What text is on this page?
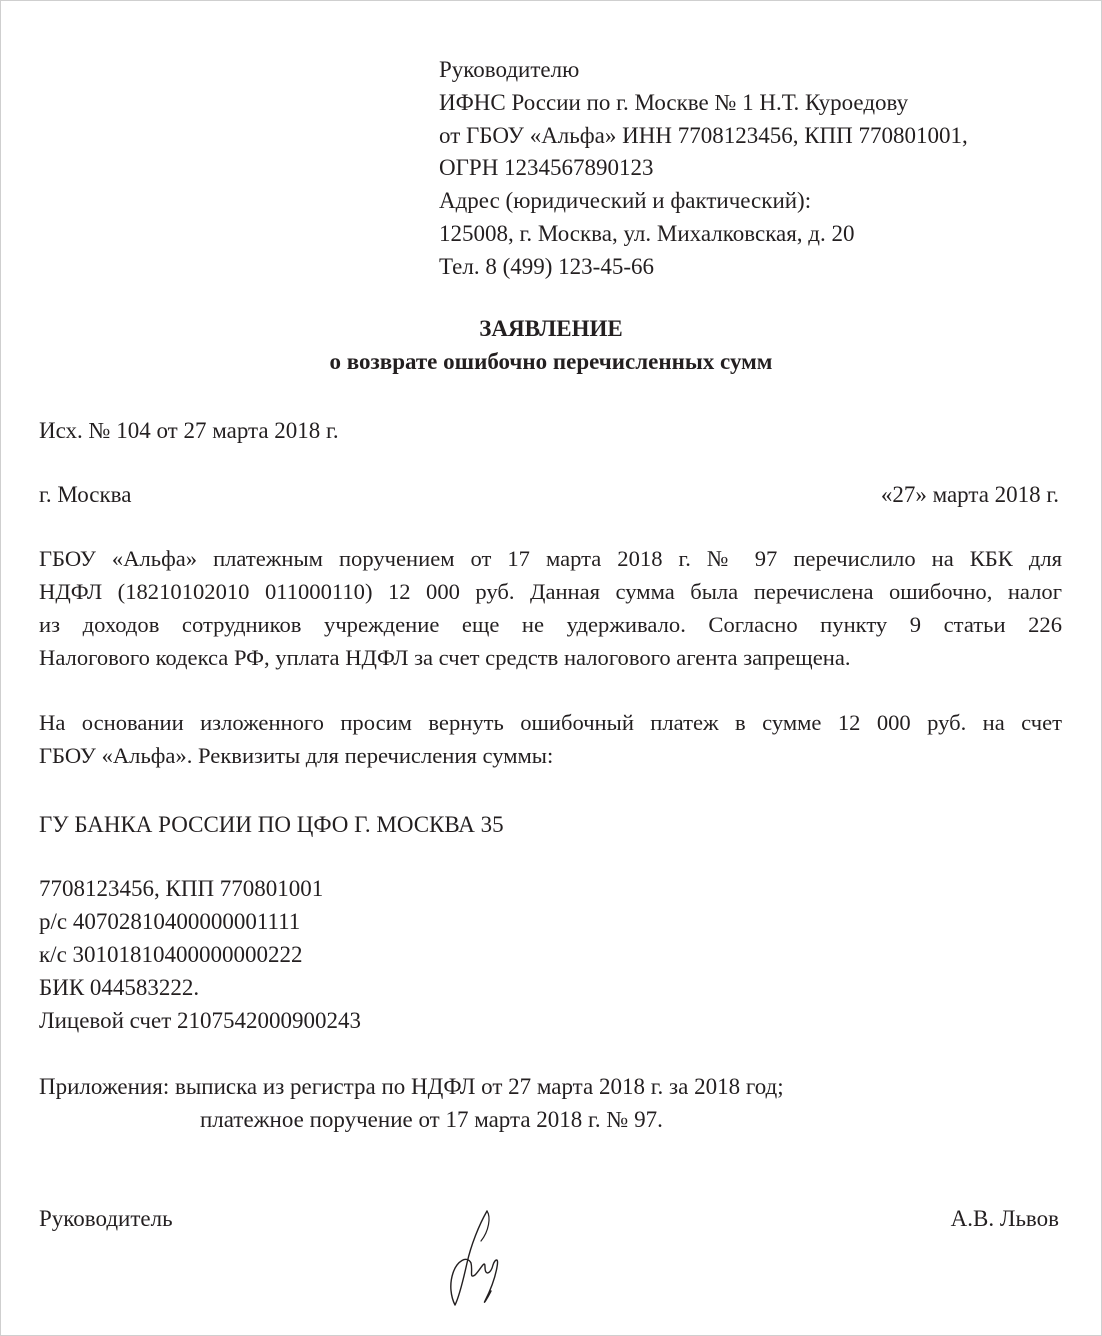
Руководителю
ИФНС России по г. Москве № 1 Н.Т. Куроедову
от ГБОУ «Альфа» ИНН 7708123456, КПП 770801001,
ОГРН 1234567890123
Адрес (юридический и фактический):
125008, г. Москва, ул. Михалковская, д. 20
Тел. 8 (499) 123-45-66
ЗАЯВЛЕНИЕ
о возврате ошибочно перечисленных сумм
Исх. № 104 от 27 марта 2018 г.
г. Москва	«27» марта 2018 г.
ГБОУ «Альфа» платежным поручением от 17 марта 2018 г. № 97 перечислило на КБК для
НДФЛ (18210102010 011000110) 12 000 руб. Данная сумма была перечислена ошибочно, налог
из доходов сотрудников учреждение еще не удерживало. Согласно пункту 9 статьи 226
Налогового кодекса РФ, уплата НДФЛ за счет средств налогового агента запрещена.
На основании изложенного просим вернуть ошибочный платеж в сумме 12 000 руб. на счет
ГБОУ «Альфа». Реквизиты для перечисления суммы:
ГУ БАНКА РОССИИ ПО ЦФО Г. МОСКВА 35
7708123456, КПП 770801001
р/с 40702810400000001111
к/с 30101810400000000222
БИК 044583222.
Лицевой счет 2107542000900243
Приложения: выписка из регистра по НДФЛ от 27 марта 2018 г. за 2018 год;
платежное поручение от 17 марта 2018 г. № 97.
Руководитель	А.В. Львов
